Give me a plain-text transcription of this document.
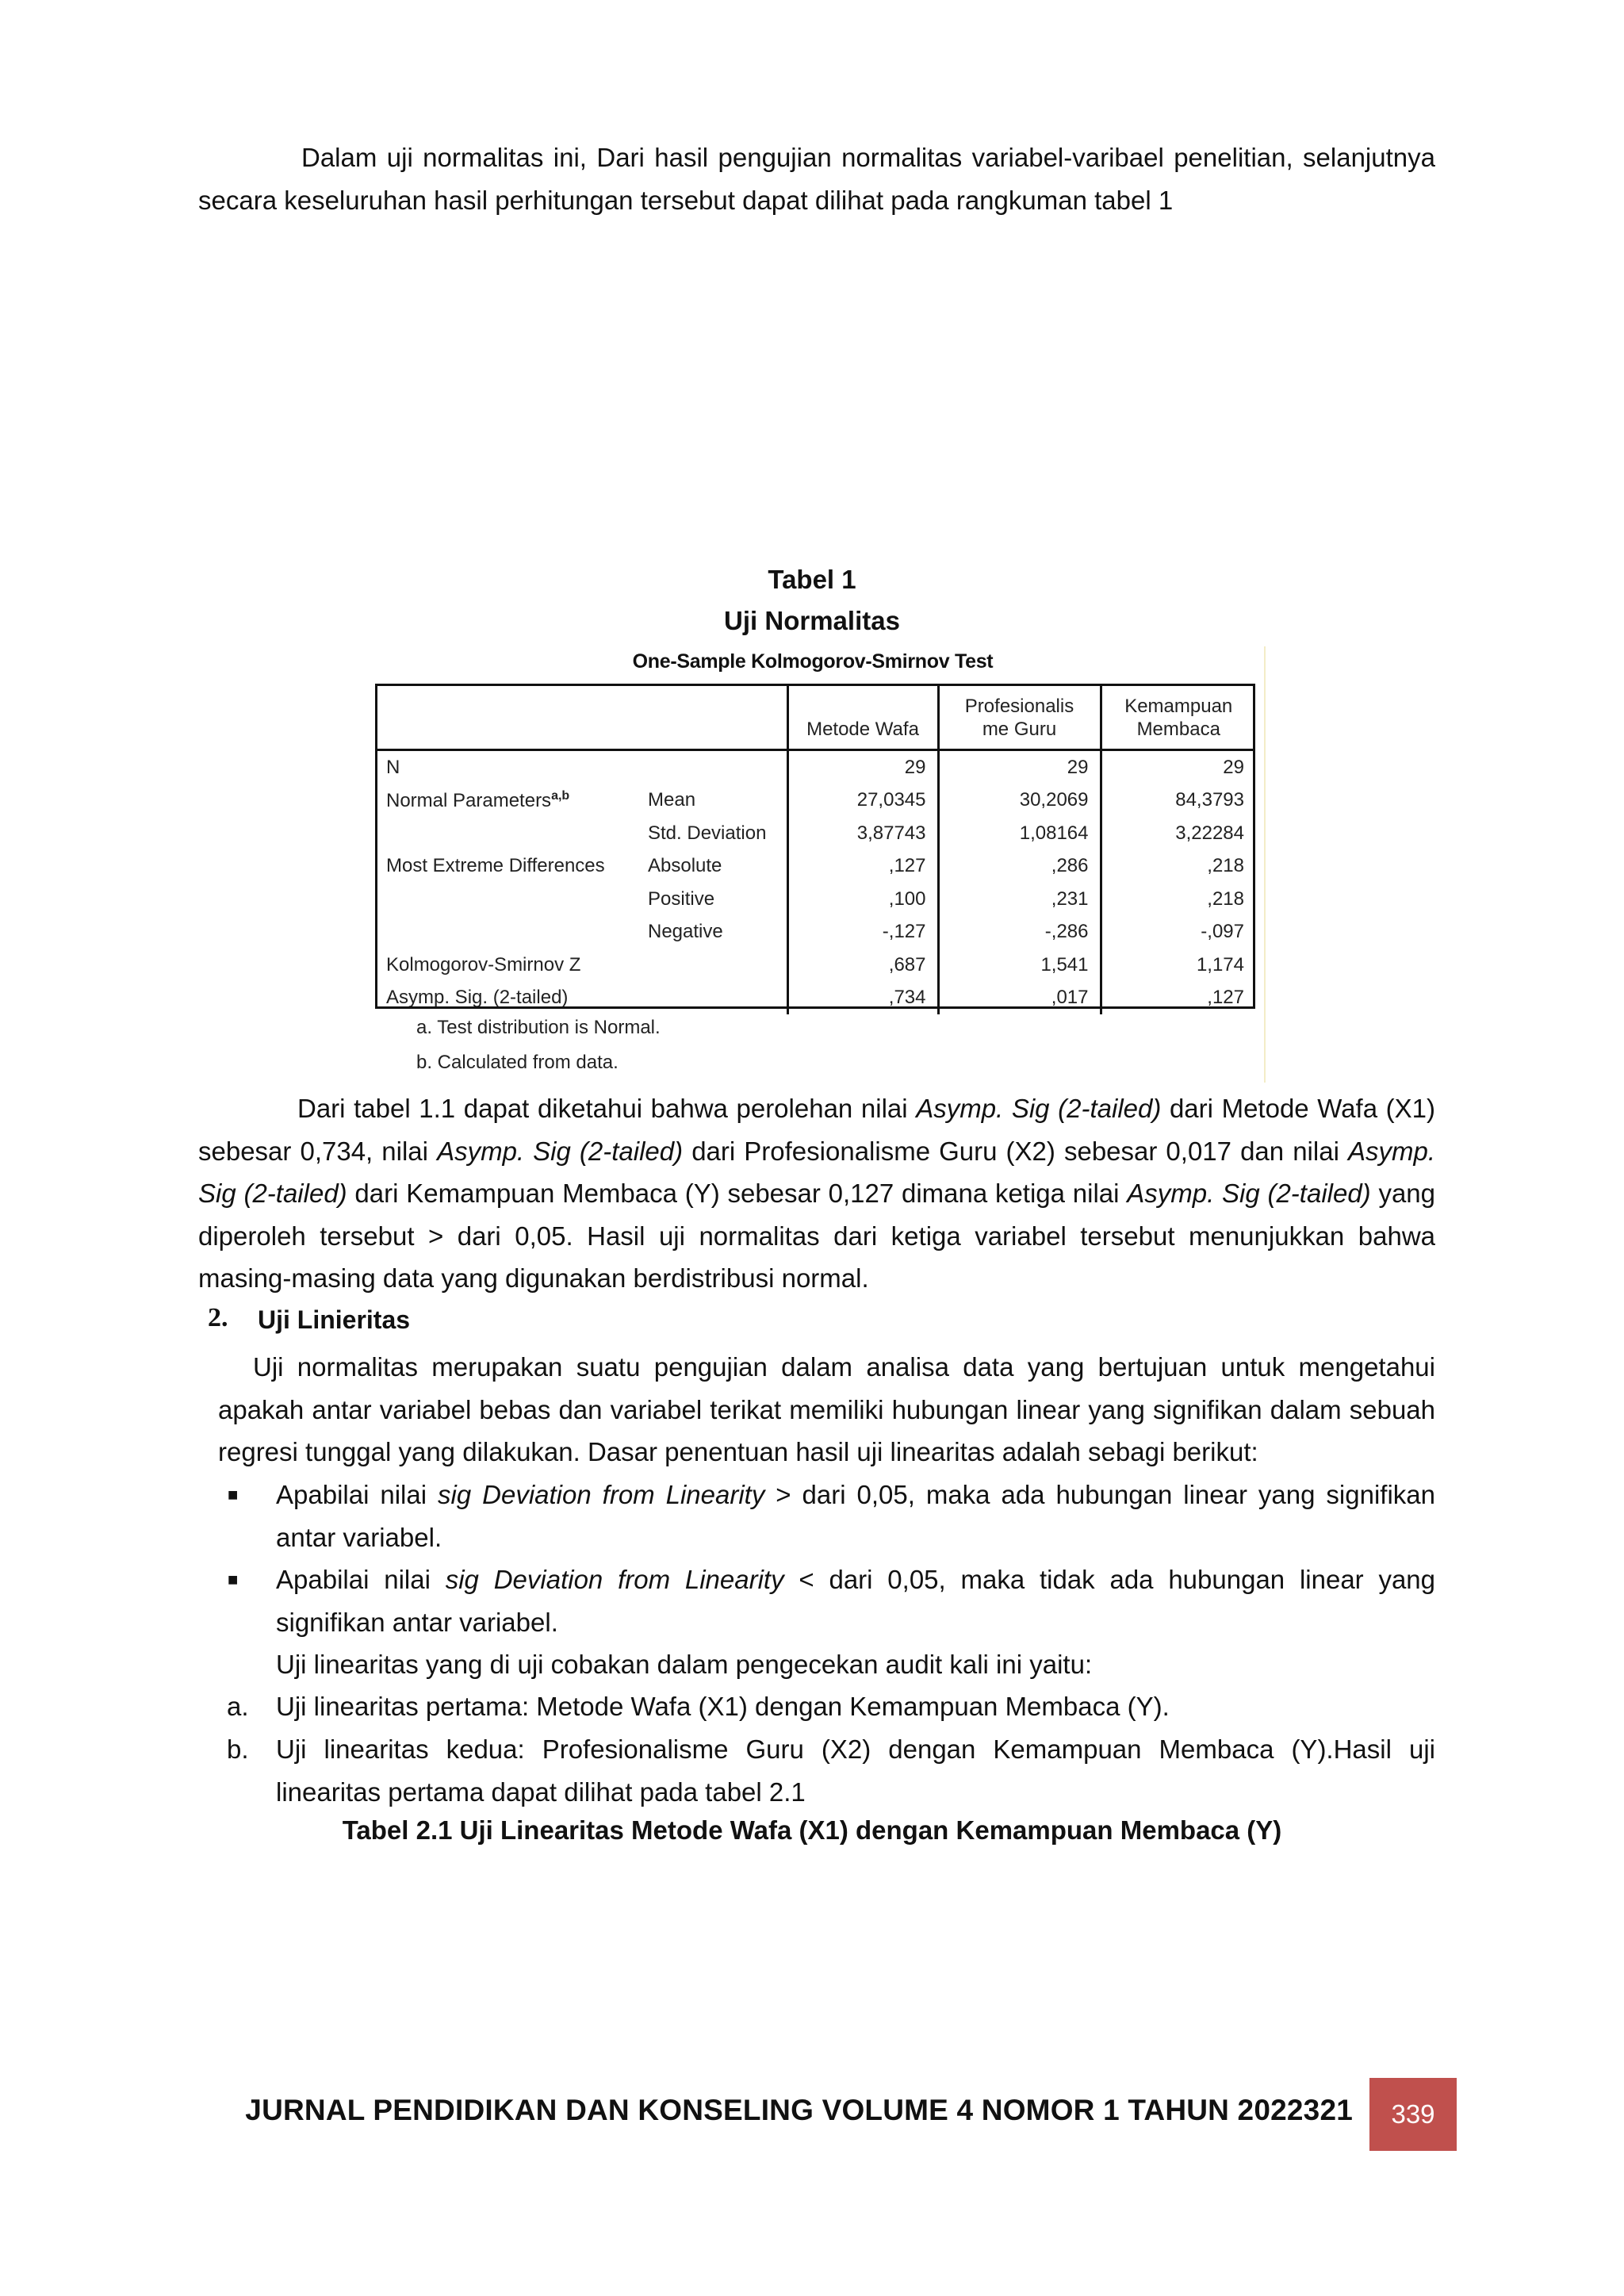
Dalam uji normalitas ini, Dari hasil pengujian normalitas variabel-varibael penelitian, selanjutnya secara keseluruhan hasil perhitungan tersebut dapat dilihat pada rangkuman tabel 1

Tabel 1
Uji Normalitas
One-Sample Kolmogorov-Smirnov Test
		Metode Wafa	Profesionalis me Guru	Kemampuan Membaca
N		29	29	29
Normal Parameters$^{a,b}$	Mean	27,0345	30,2069	84,3793
	Std. Deviation	3,87743	1,08164	3,22284
Most Extreme Differences	Absolute	,127	,286	,218
	Positive	,100	,231	,218
	Negative	-,127	-,286	-,097
Kolmogorov-Smirnov Z		,687	1,541	1,174
Asymp. Sig. (2-tailed)		,734	,017	,127
a. Test distribution is Normal.
b. Calculated from data.

Dari tabel 1.1 dapat diketahui bahwa perolehan nilai Asymp. Sig (2-tailed) dari Metode Wafa (X1) sebesar 0,734, nilai Asymp. Sig (2-tailed) dari Profesionalisme Guru (X2) sebesar 0,017 dan nilai Asymp. Sig (2-tailed) dari Kemampuan Membaca (Y) sebesar 0,127 dimana ketiga nilai Asymp. Sig (2-tailed) yang diperoleh tersebut > dari 0,05. Hasil uji normalitas dari ketiga variabel tersebut menunjukkan bahwa masing-masing data yang digunakan berdistribusi normal.

2. Uji Linieritas

Uji normalitas merupakan suatu pengujian dalam analisa data yang bertujuan untuk mengetahui apakah antar variabel bebas dan variabel terikat memiliki hubungan linear yang signifikan dalam sebuah regresi tunggal yang dilakukan. Dasar penentuan hasil uji linearitas adalah sebagi berikut:

■ Apabilai nilai sig Deviation from Linearity > dari 0,05, maka ada hubungan linear yang signifikan antar variabel.

■ Apabilai nilai sig Deviation from Linearity < dari 0,05, maka tidak ada hubungan linear yang signifikan antar variabel.

Uji linearitas yang di uji cobakan dalam pengecekan audit kali ini yaitu:

a. Uji linearitas pertama: Metode Wafa (X1) dengan Kemampuan Membaca (Y).

b. Uji linearitas kedua: Profesionalisme Guru (X2) dengan Kemampuan Membaca (Y).Hasil uji linearitas pertama dapat dilihat pada tabel 2.1

Tabel 2.1 Uji Linearitas Metode Wafa (X1) dengan Kemampuan Membaca (Y)
JURNAL PENDIDIKAN DAN KONSELING VOLUME 4 NOMOR 1 TAHUN 2022321	339
